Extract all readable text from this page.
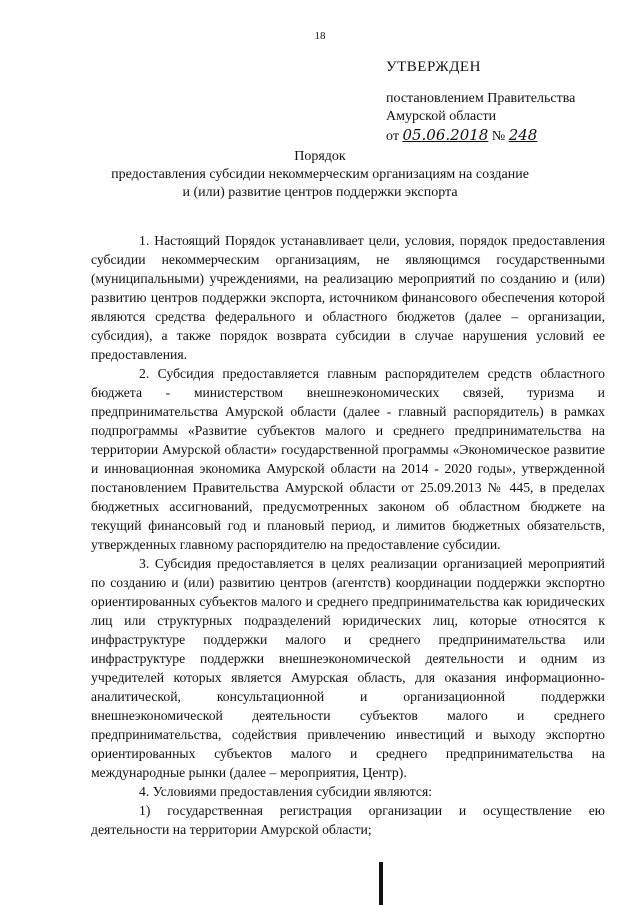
18
УТВЕРЖДЕН
постановлением Правительства
Амурской области
от 05.06.2018 № 248
Порядок
предоставления субсидии некоммерческим организациям на создание
и (или) развитие центров поддержки экспорта

1. Настоящий Порядок устанавливает цели, условия, порядок предоставления субсидии некоммерческим организациям, не являющимся государственными (муниципальными) учреждениями, на реализацию мероприятий по созданию и (или) развитию центров поддержки экспорта, источником финансового обеспечения которой являются средства федерального и областного бюджетов (далее – организации, субсидия), а также порядок возврата субсидии в случае нарушения условий ее предоставления.

2. Субсидия предоставляется главным распорядителем средств областного бюджета - министерством внешнеэкономических связей, туризма и предпринимательства Амурской области (далее - главный распорядитель) в рамках подпрограммы «Развитие субъектов малого и среднего предпринимательства на территории Амурской области» государственной программы «Экономическое развитие и инновационная экономика Амурской области на 2014 - 2020 годы», утвержденной постановлением Правительства Амурской области от 25.09.2013 № 445, в пределах бюджетных ассигнований, предусмотренных законом об областном бюджете на текущий финансовый год и плановый период, и лимитов бюджетных обязательств, утвержденных главному распорядителю на предоставление субсидии.

3. Субсидия предоставляется в целях реализации организацией мероприятий по созданию и (или) развитию центров (агентств) координации поддержки экспортно ориентированных субъектов малого и среднего предпринимательства как юридических лиц или структурных подразделений юридических лиц, которые относятся к инфраструктуре поддержки малого и среднего предпринимательства или инфраструктуре поддержки внешнеэкономической деятельности и одним из учредителей которых является Амурская область, для оказания информационно-аналитической, консультационной и организационной поддержки внешнеэкономической деятельности субъектов малого и среднего предпринимательства, содействия привлечению инвестиций и выходу экспортно ориентированных субъектов малого и среднего предпринимательства на международные рынки (далее – мероприятия, Центр).

4. Условиями предоставления субсидии являются:

1) государственная регистрация организации и осуществление ею деятельности на территории Амурской области;
